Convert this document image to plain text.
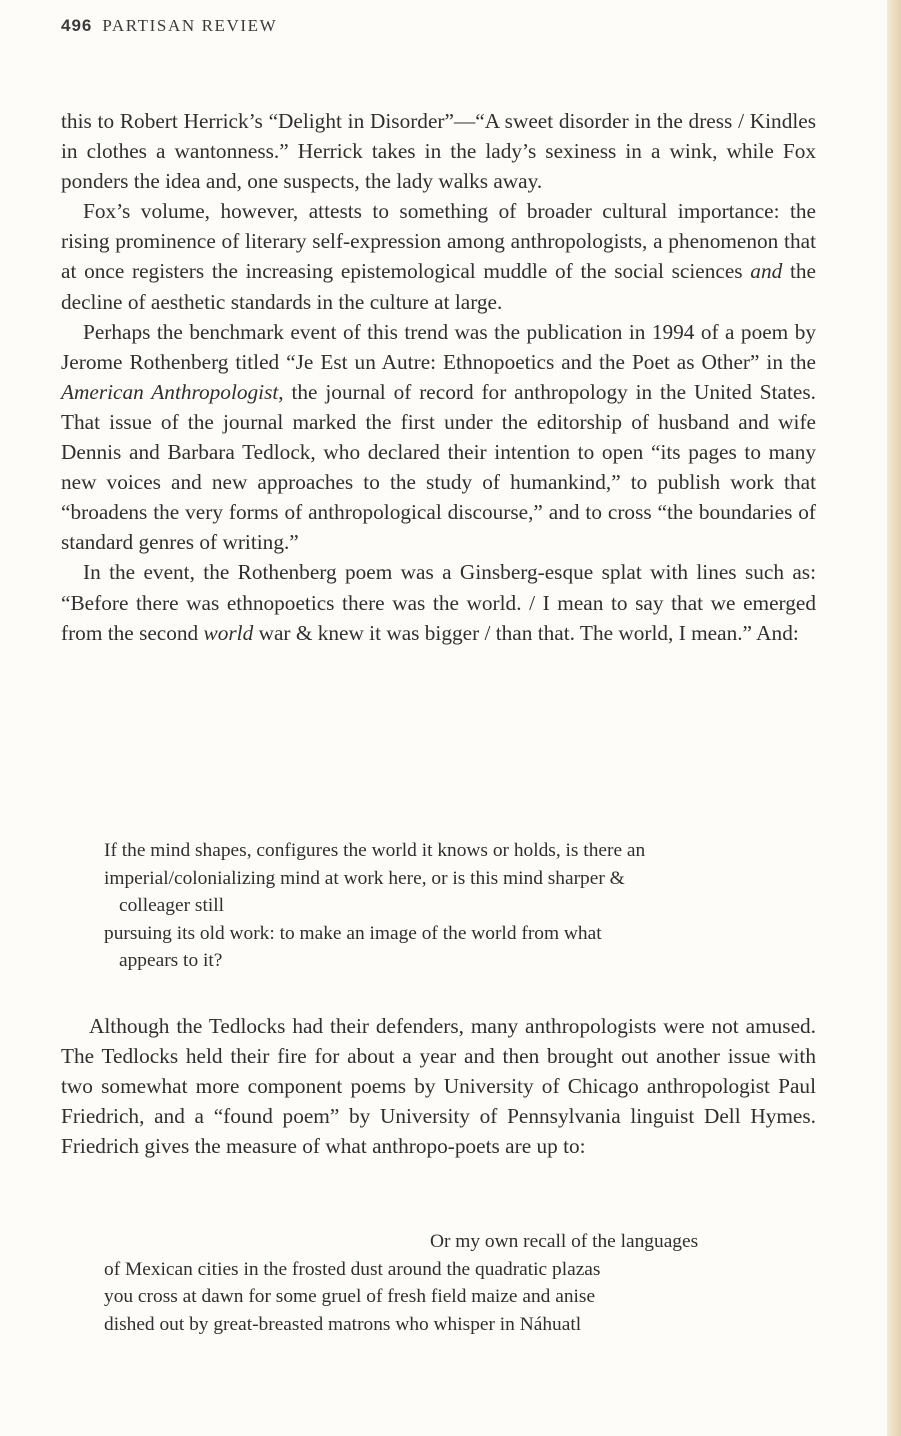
496 PARTISAN REVIEW

this to Robert Herrick’s “Delight in Disorder”—“A sweet disorder in the dress / Kindles in clothes a wantonness.” Herrick takes in the lady’s sexiness in a wink, while Fox ponders the idea and, one suspects, the lady walks away.

Fox’s volume, however, attests to something of broader cultural importance: the rising prominence of literary self-expression among anthropologists, a phenomenon that at once registers the increasing epistemological muddle of the social sciences and the decline of aesthetic standards in the culture at large.

Perhaps the benchmark event of this trend was the publication in 1994 of a poem by Jerome Rothenberg titled “Je Est un Autre: Ethnopoetics and the Poet as Other” in the American Anthropologist, the journal of record for anthropology in the United States. That issue of the journal marked the first under the editorship of husband and wife Dennis and Barbara Tedlock, who declared their intention to open “its pages to many new voices and new approaches to the study of humankind,” to publish work that “broadens the very forms of anthropological discourse,” and to cross “the boundaries of standard genres of writing.”

In the event, the Rothenberg poem was a Ginsberg-esque splat with lines such as: “Before there was ethnopoetics there was the world. / I mean to say that we emerged from the second world war & knew it was bigger / than that. The world, I mean.” And:

If the mind shapes, configures the world it knows or holds, is there an
imperial/colonializing mind at work here, or is this mind sharper &
colleager still
pursuing its old work: to make an image of the world from what
appears to it?

Although the Tedlocks had their defenders, many anthropologists were not amused. The Tedlocks held their fire for about a year and then brought out another issue with two somewhat more component poems by University of Chicago anthropologist Paul Friedrich, and a “found poem” by University of Pennsylvania linguist Dell Hymes. Friedrich gives the measure of what anthropo-poets are up to:

Or my own recall of the languages
of Mexican cities in the frosted dust around the quadratic plazas
you cross at dawn for some gruel of fresh field maize and anise
dished out by great-breasted matrons who whisper in Náhuatl
